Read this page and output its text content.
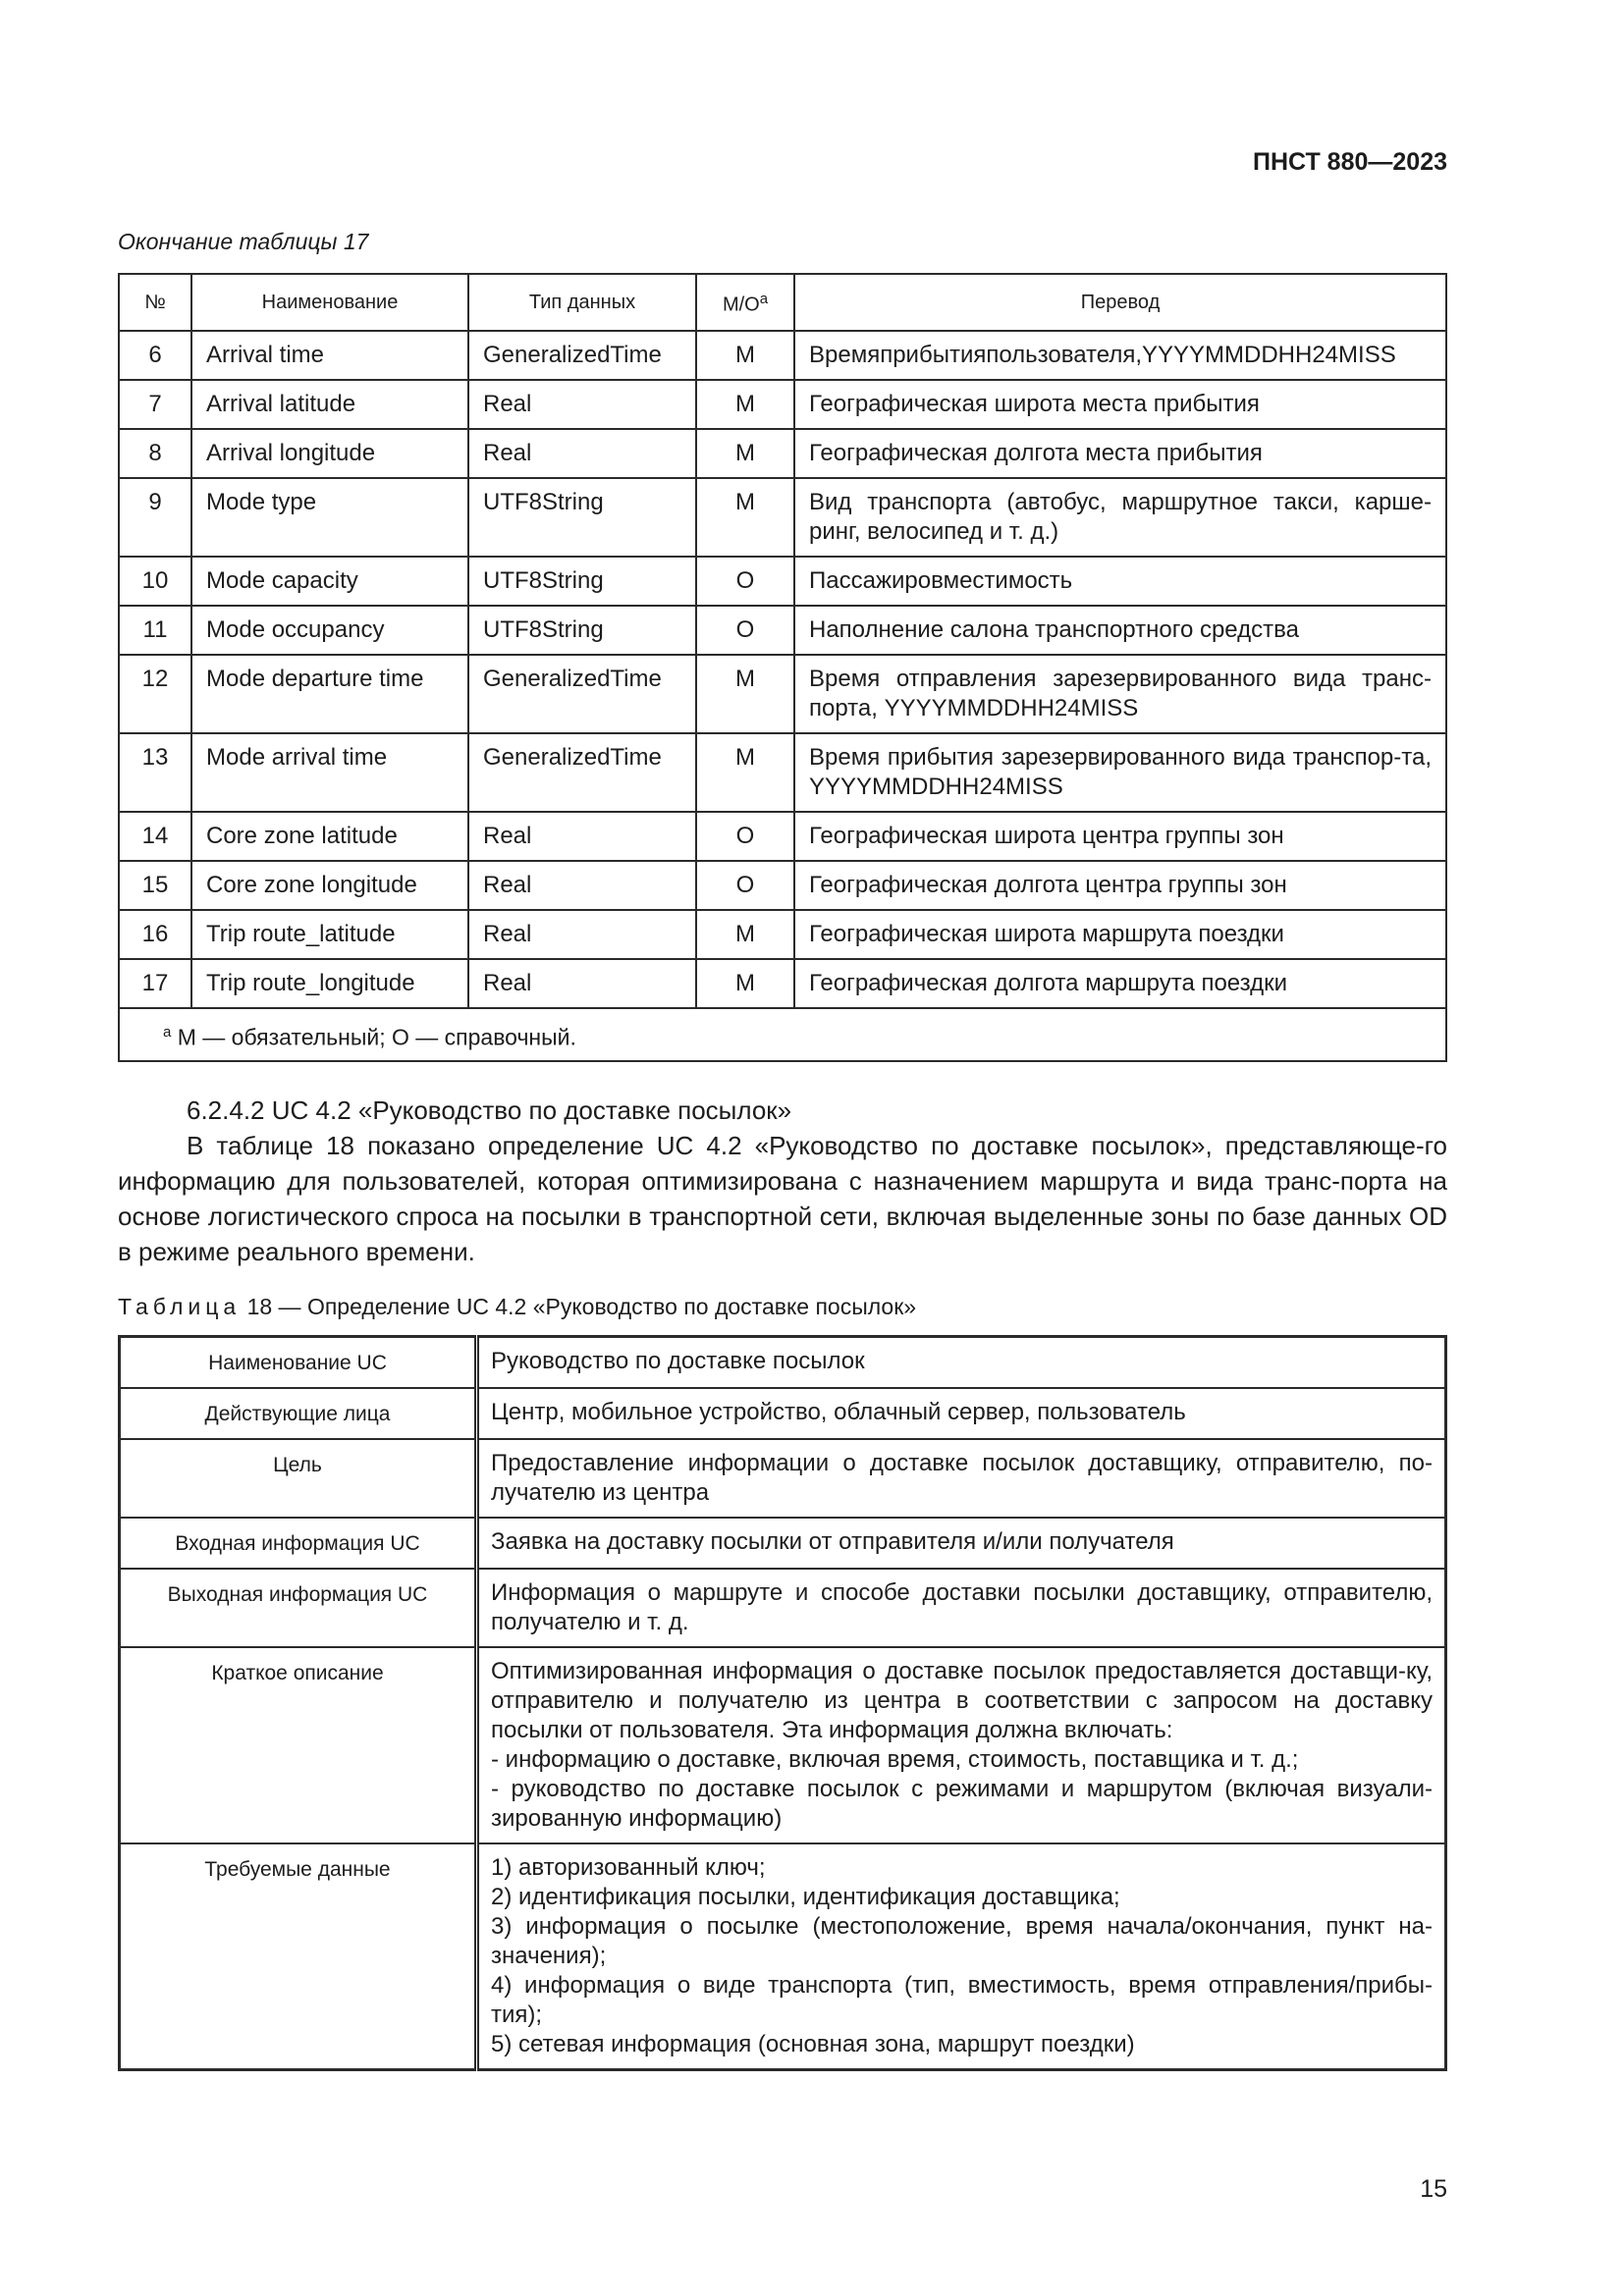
ПНСТ 880—2023
Окончание таблицы 17
№	Наименование	Тип данных	$M/O^a$	Перевод
6	Arrival time	GeneralizedTime	M	Времяприбытияпользователя,YYYYMMDDHH24MISS
7	Arrival latitude	Real	M	Географическая широта места прибытия
8	Arrival longitude	Real	M	Географическая долгота места прибытия
9	Mode type	UTF8String	M	Вид транспорта (автобус, маршрутное такси, карше-ринг, велосипед и т. д.)
10	Mode capacity	UTF8String	O	Пассажировместимость
11	Mode occupancy	UTF8String	O	Наполнение салона транспортного средства
12	Mode departure time	GeneralizedTime	M	Время отправления зарезервированного вида транс-порта, YYYYMMDDHH24MISS
13	Mode arrival time	GeneralizedTime	M	Время прибытия зарезервированного вида транспор-та, YYYYMMDDHH24MISS
14	Core zone latitude	Real	O	Географическая широта центра группы зон
15	Core zone longitude	Real	O	Географическая долгота центра группы зон
16	Trip route_latitude	Real	M	Географическая широта маршрута поездки
17	Trip route_longitude	Real	M	Географическая долгота маршрута поездки
$^a$ M — обязательный; O — справочный.				
6.2.4.2 UC 4.2 «Руководство по доставке посылок»
В таблице 18 показано определение UC 4.2 «Руководство по доставке посылок», представляюще-го информацию для пользователей, которая оптимизирована с назначением маршрута и вида транс-порта на основе логистического спроса на посылки в транспортной сети, включая выделенные зоны по базе данных OD в режиме реального времени.
Таблица 18 — Определение UC 4.2 «Руководство по доставке посылок»
Наименование UC	Руководство по доставке посылок

Действующие лица	Центр, мобильное устройство, облачный сервер, пользователь

Цель	Предоставление информации о доставке посылок доставщику, отправителю, по-лучателю из центра

Входная информация UC	Заявка на доставку посылки от отправителя и/или получателя

Выходная информация UC	Информация о маршруте и способе доставки посылки доставщику, отправителю, получателю и т. д.

Краткое описание	Оптимизированная информация о доставке посылок предоставляется доставщи-ку, отправителю и получателю из центра в соответствии с запросом на доставку посылки от пользователя. Эта информация должна включать:
- информацию о доставке, включая время, стоимость, поставщика и т. д.;
- руководство по доставке посылок с режимами и маршрутом (включая визуали-зированную информацию)

Требуемые данные	1) авторизованный ключ;
2) идентификация посылки, идентификация доставщика;
3) информация о посылке (местоположение, время начала/окончания, пункт на-значения);
4) информация о виде транспорта (тип, вместимость, время отправления/прибы-тия);
5) сетевая информация (основная зона, маршрут поездки)
15
